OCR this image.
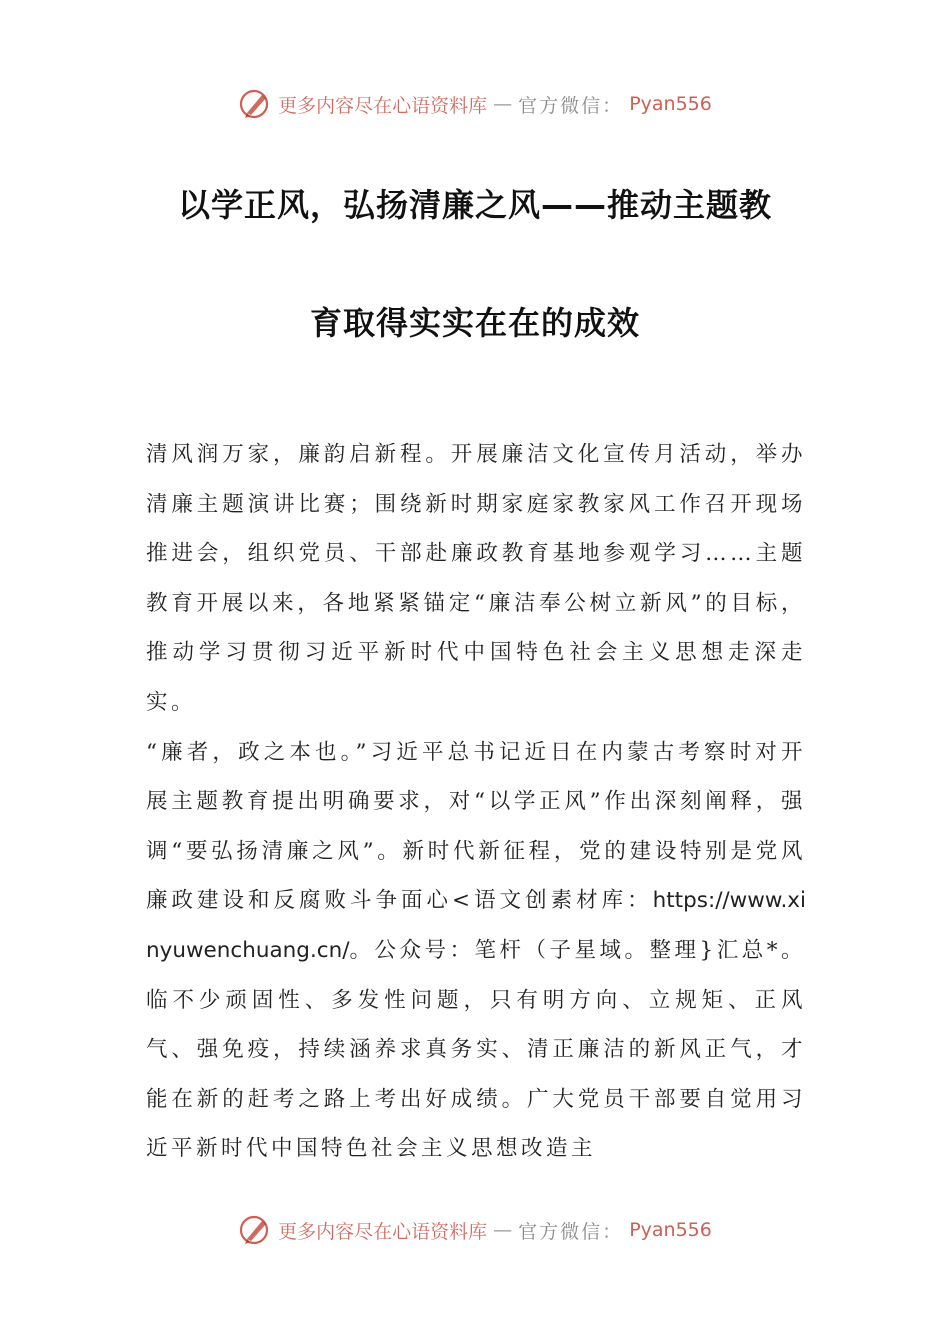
更多内容尽在心语资料库 — 官方微信： Pyan556
以学正风，弘扬清廉之风——推动主题教
育取得实实在在的成效

清风润万家，廉韵启新程。开展廉洁文化宣传月活动，举办清廉主题演讲比赛；围绕新时期家庭家教家风工作召开现场推进会，组织党员、干部赴廉政教育基地参观学习……主题教育开展以来，各地紧紧锚定“廉洁奉公树立新风”的目标，推动学习贯彻习近平新时代中国特色社会主义思想走深走实。

“廉者，政之本也。”习近平总书记近日在内蒙古考察时对开展主题教育提出明确要求，对“以学正风”作出深刻阐释，强调“要弘扬清廉之风”。新时代新征程，党的建设特别是党风廉政建设和反腐败斗争面心<语文创素材库：https://www.xinyuwenchuang.cn/。公众号：笔杆（子星域。整理}汇总*。临不少顽固性、多发性问题，只有明方向、立规矩、正风气、强免疫，持续涵养求真务实、清正廉洁的新风正气，才能在新的赶考之路上考出好成绩。广大党员干部要自觉用习近平新时代中国特色社会主义思想改造主

更多内容尽在心语资料库 — 官方微信： Pyan556
